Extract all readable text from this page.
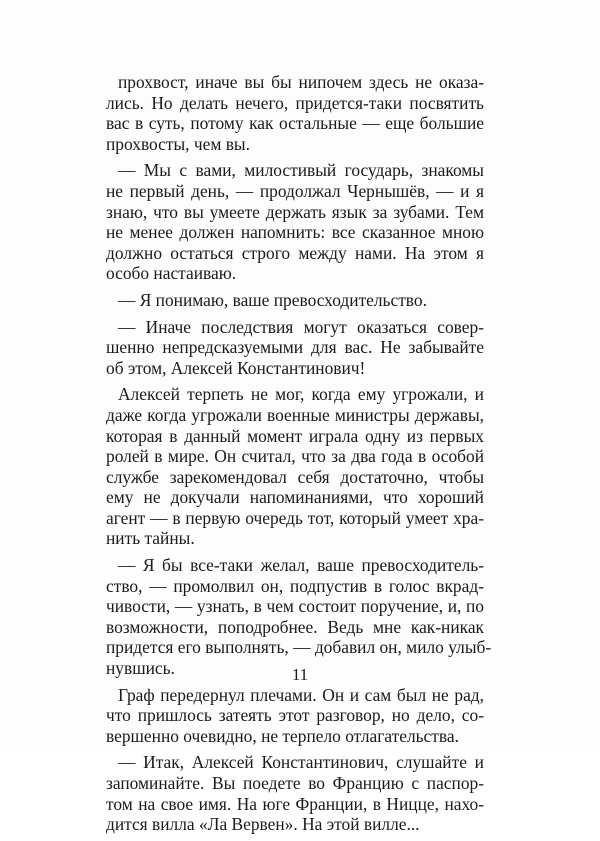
прохвост, иначе вы бы нипочем здесь не оказа-
лись. Но делать нечего, придется-таки посвятить
вас в суть, потому как остальные — еще большие
прохвосты, чем вы.

— Мы с вами, милостивый государь, знакомы
не первый день, — продолжал Чернышёв, — и я
знаю, что вы умеете держать язык за зубами. Тем
не менее должен напомнить: все сказанное мною
должно остаться строго между нами. На этом я
особо настаиваю.

— Я понимаю, ваше превосходительство.

— Иначе последствия могут оказаться совер-
шенно непредсказуемыми для вас. Не забывайте
об этом, Алексей Константинович!

Алексей терпеть не мог, когда ему угрожали, и
даже когда угрожали военные министры державы,
которая в данный момент играла одну из первых
ролей в мире. Он считал, что за два года в особой
службе зарекомендовал себя достаточно, чтобы
ему не докучали напоминаниями, что хороший
агент — в первую очередь тот, который умеет хра-
нить тайны.

— Я бы все-таки желал, ваше превосходитель-
ство, — промолвил он, подпустив в голос вкрад-
чивости, — узнать, в чем состоит поручение, и, по
возможности, поподробнее. Ведь мне как-никак
придется его выполнять, — добавил он, мило улыб-
нувшись.

Граф передернул плечами. Он и сам был не рад,
что пришлось затеять этот разговор, но дело, со-
вершенно очевидно, не терпело отлагательства.

— Итак, Алексей Константинович, слушайте и
запоминайте. Вы поедете во Францию с паспор-
том на свое имя. На юге Франции, в Ницце, нахо-
дится вилла «Ла Вервен». На этой вилле...

11
